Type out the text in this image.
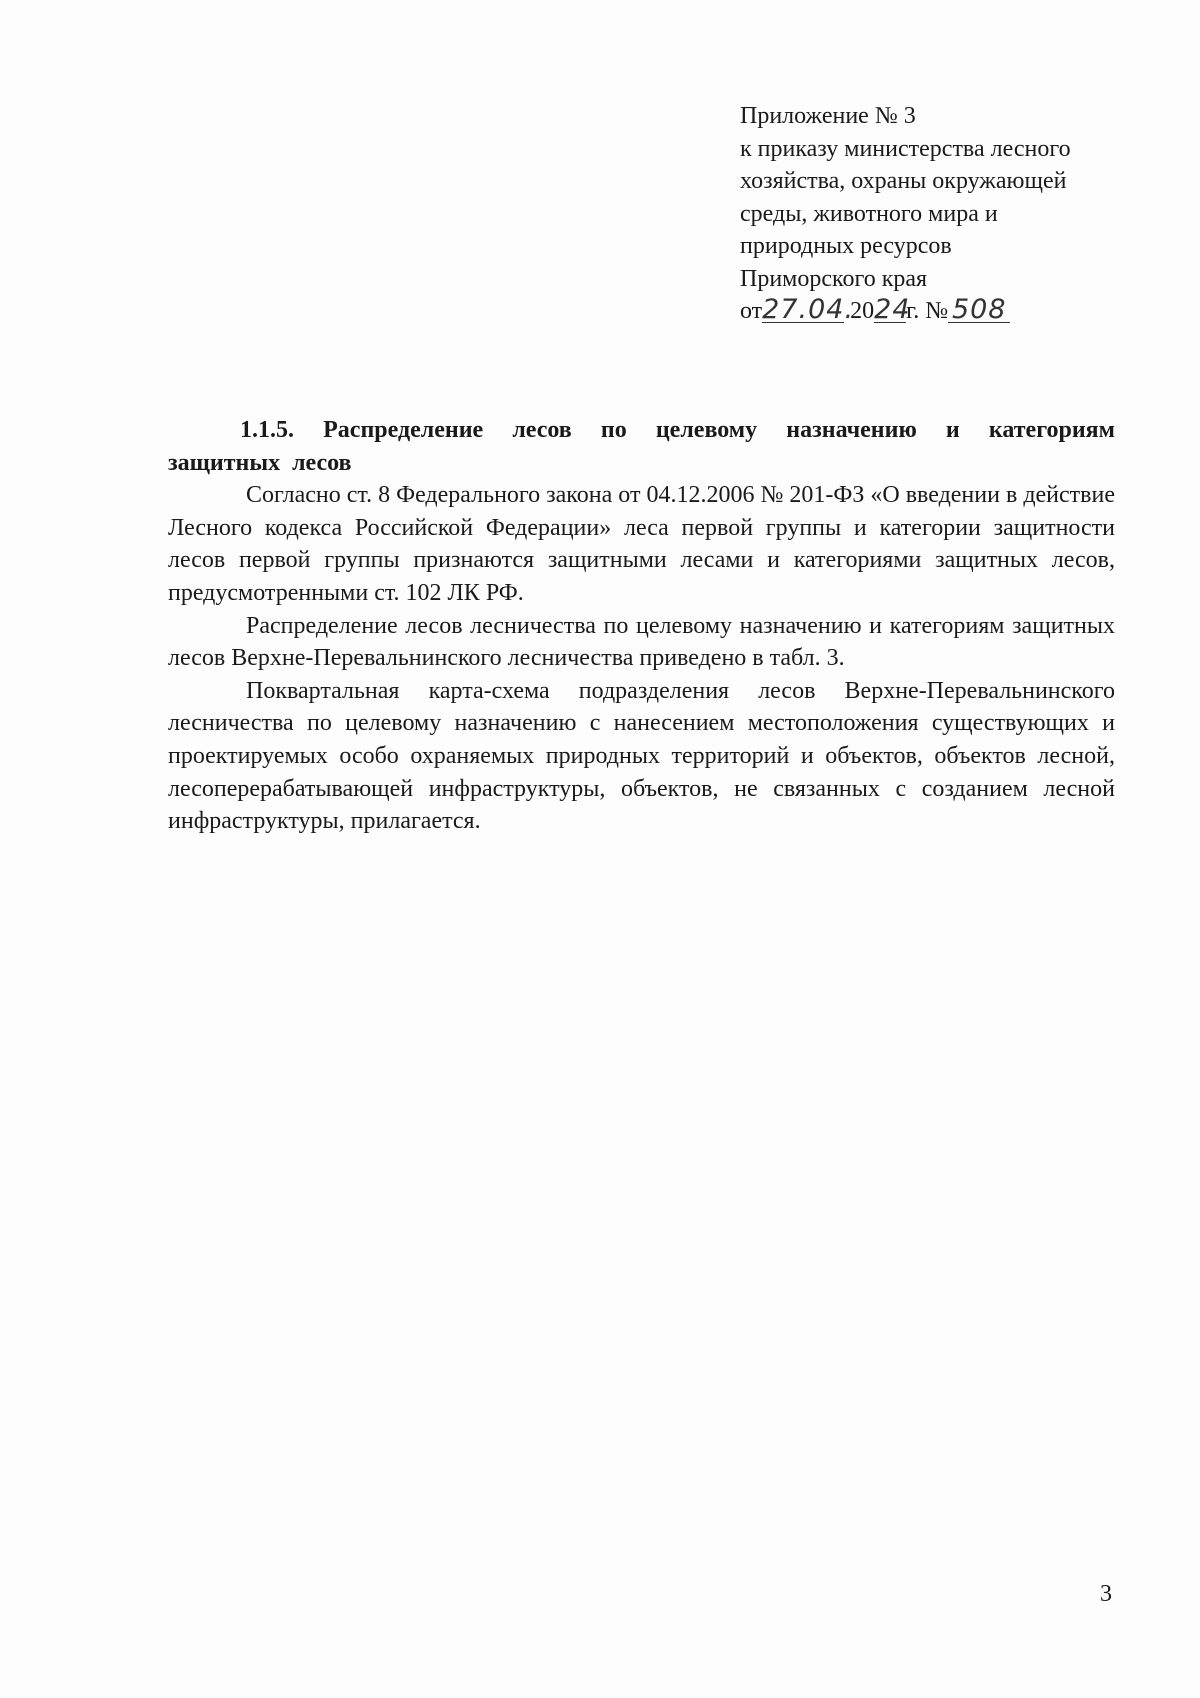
Приложение № 3
к приказу министерства лесного
хозяйства, охраны окружающей
среды, животного мира и
природных ресурсов
Приморского края
от27.04. 2024г. № 508

1.1.5. Распределение лесов по целевому назначению и категориям защитных лесов

Согласно ст. 8 Федерального закона от 04.12.2006 № 201-ФЗ «О введении в действие Лесного кодекса Российской Федерации» леса первой группы и категории защитности лесов первой группы признаются защитными лесами и категориями защитных лесов, предусмотренными ст. 102 ЛК РФ.

Распределение лесов лесничества по целевому назначению и категориям защитных лесов Верхне-Перевальнинского лесничества приведено в табл. 3.

Поквартальная карта-схема подразделения лесов Верхне-Перевальнинского лесничества по целевому назначению с нанесением местоположения существующих и проектируемых особо охраняемых природных территорий и объектов, объектов лесной, лесоперерабатывающей инфраструктуры, объектов, не связанных с созданием лесной инфраструктуры, прилагается.

3
